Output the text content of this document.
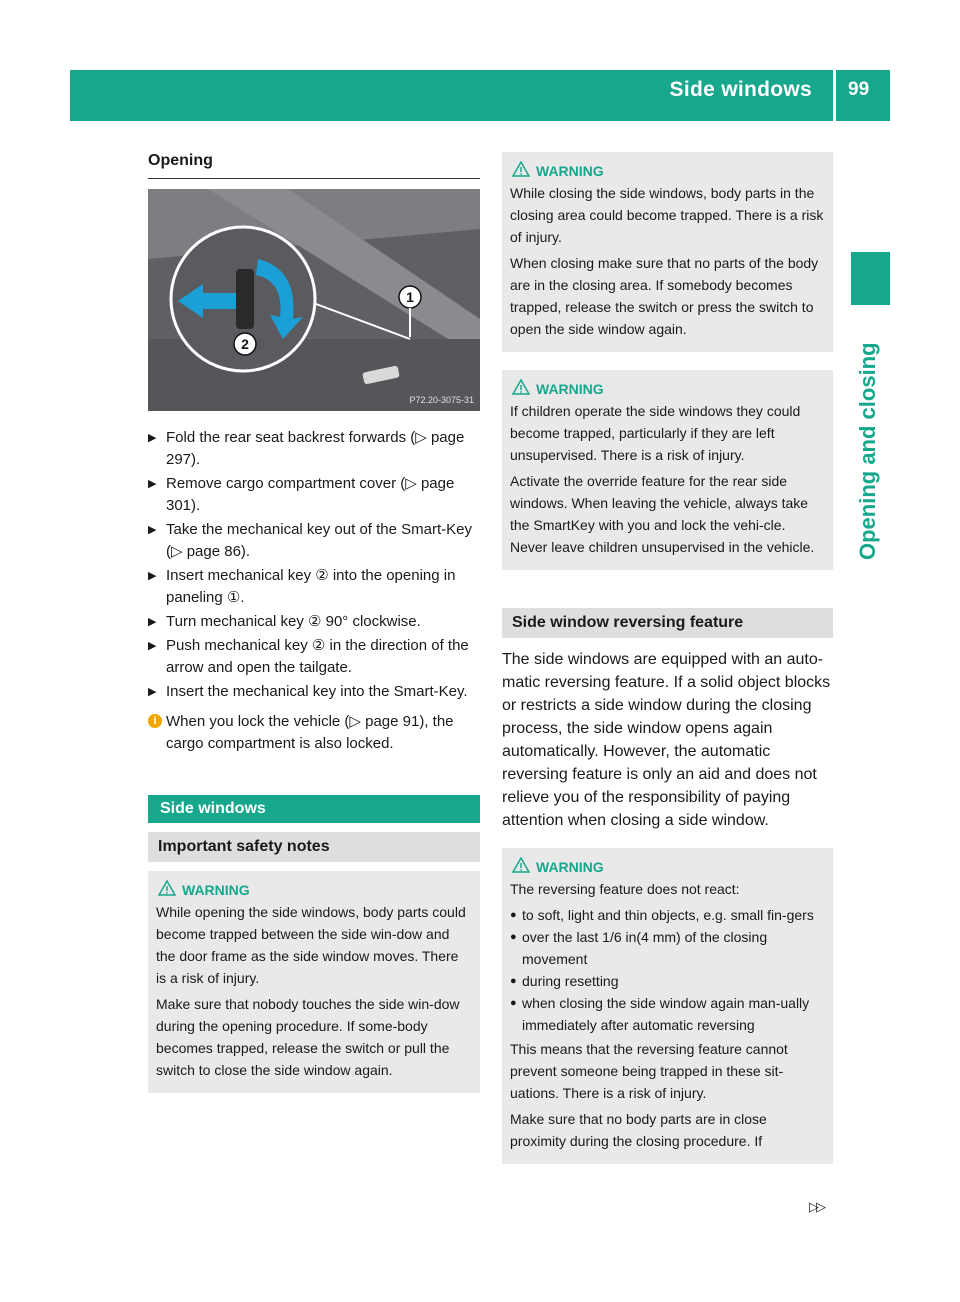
Side windows 99
Opening and closing
Opening
2
1
P72.20-3075-31
▶ Fold the rear seat backrest forwards (▷ page 297).
▶ Remove cargo compartment cover (▷ page 301).
▶ Take the mechanical key out of the Smart-Key (▷ page 86).
▶ Insert mechanical key ② into the opening in paneling ①.
▶ Turn mechanical key ② 90° clockwise.
▶ Push mechanical key ② in the direction of the arrow and open the tailgate.
▶ Insert the mechanical key into the Smart-Key.
i When you lock the vehicle (▷ page 91), the cargo compartment is also locked.
Side windows
Important safety notes
WARNING

While opening the side windows, body parts could become trapped between the side win-dow and the door frame as the side window moves. There is a risk of injury.

Make sure that nobody touches the side win-dow during the opening procedure. If some-body becomes trapped, release the switch or pull the switch to close the side window again.

WARNING

While closing the side windows, body parts in the closing area could become trapped. There is a risk of injury.

When closing make sure that no parts of the body are in the closing area. If somebody becomes trapped, release the switch or press the switch to open the side window again.

WARNING

If children operate the side windows they could become trapped, particularly if they are left unsupervised. There is a risk of injury.

Activate the override feature for the rear side windows. When leaving the vehicle, always take the SmartKey with you and lock the vehi-cle. Never leave children unsupervised in the vehicle.

Side window reversing feature
The side windows are equipped with an auto-matic reversing feature. If a solid object blocks or restricts a side window during the closing process, the side window opens again automatically. However, the automatic reversing feature is only an aid and does not relieve you of the responsibility of paying attention when closing a side window.
WARNING

The reversing feature does not react:

● to soft, light and thin objects, e.g. small fin-gers
● over the last 1/6 in(4 mm) of the closing movement
● during resetting
● when closing the side window again man-ually immediately after automatic reversing

This means that the reversing feature cannot prevent someone being trapped in these sit-uations. There is a risk of injury.

Make sure that no body parts are in close proximity during the closing procedure. If

▷▷
